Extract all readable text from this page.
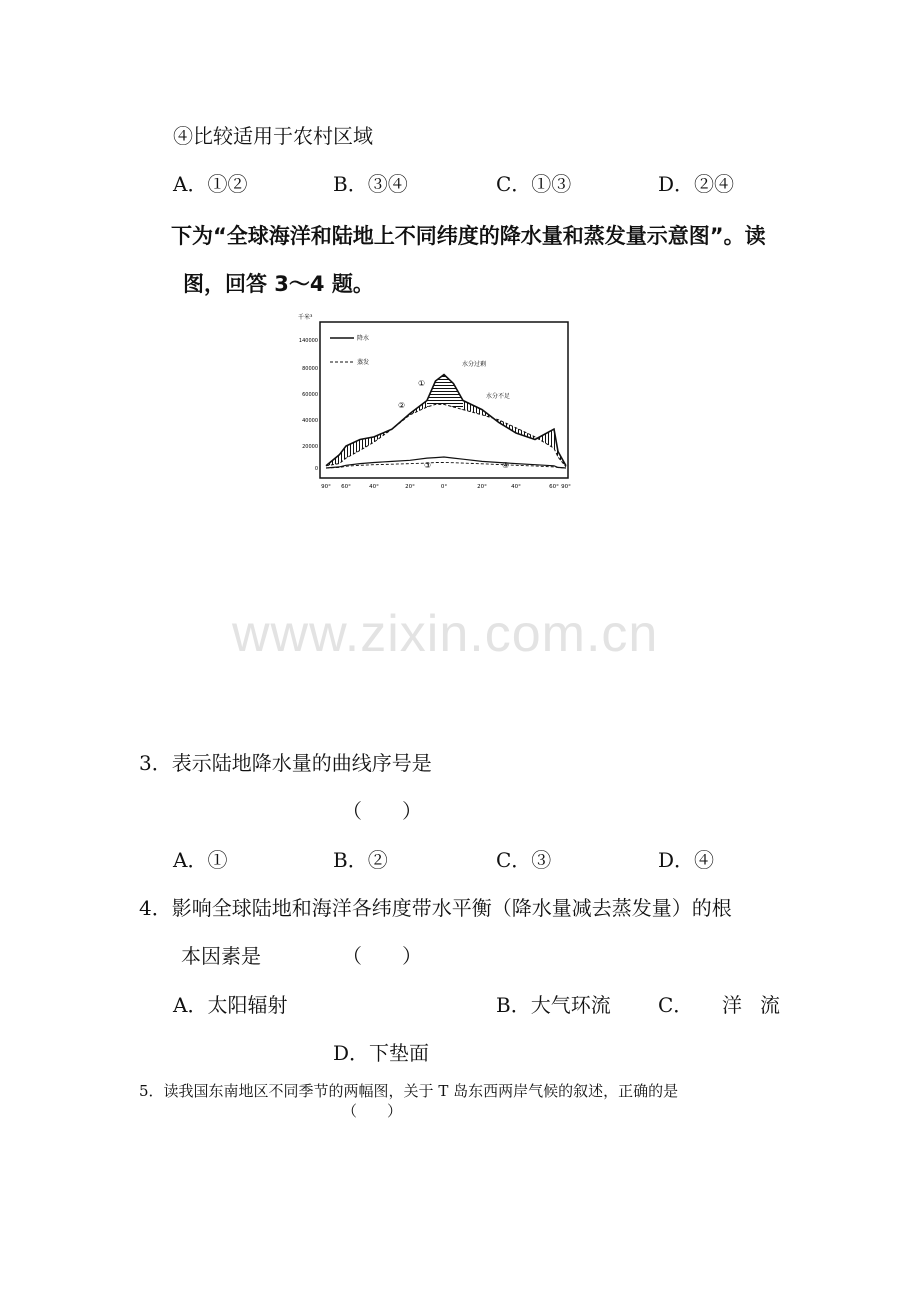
④比较适用于农村区域
A．①②	B．③④	C．①③	D．②④
下为“全球海洋和陆地上不同纬度的降水量和蒸发量示意图”。读
图，回答 3～4 题。
千米³
140000
80000
60000
40000
20000
0
90° 60°	40°	20°	0°	20°	40°	60° 90°
降水
蒸发	水分过剩
水分不足
①
②
③	④
www.zixin.com.cn
3．表示陆地降水量的曲线序号是
（　　）
A．①	B．②	C．③	D．④
4．影响全球陆地和海洋各纬度带水平衡（降水量减去蒸发量）的根
本因素是	（　　）
A．太阳辐射	B．大气环流 C． 洋 流
D．下垫面
5．读我国东南地区不同季节的两幅图，关于 T 岛东西两岸气候的叙述，正确的是
（　　）
